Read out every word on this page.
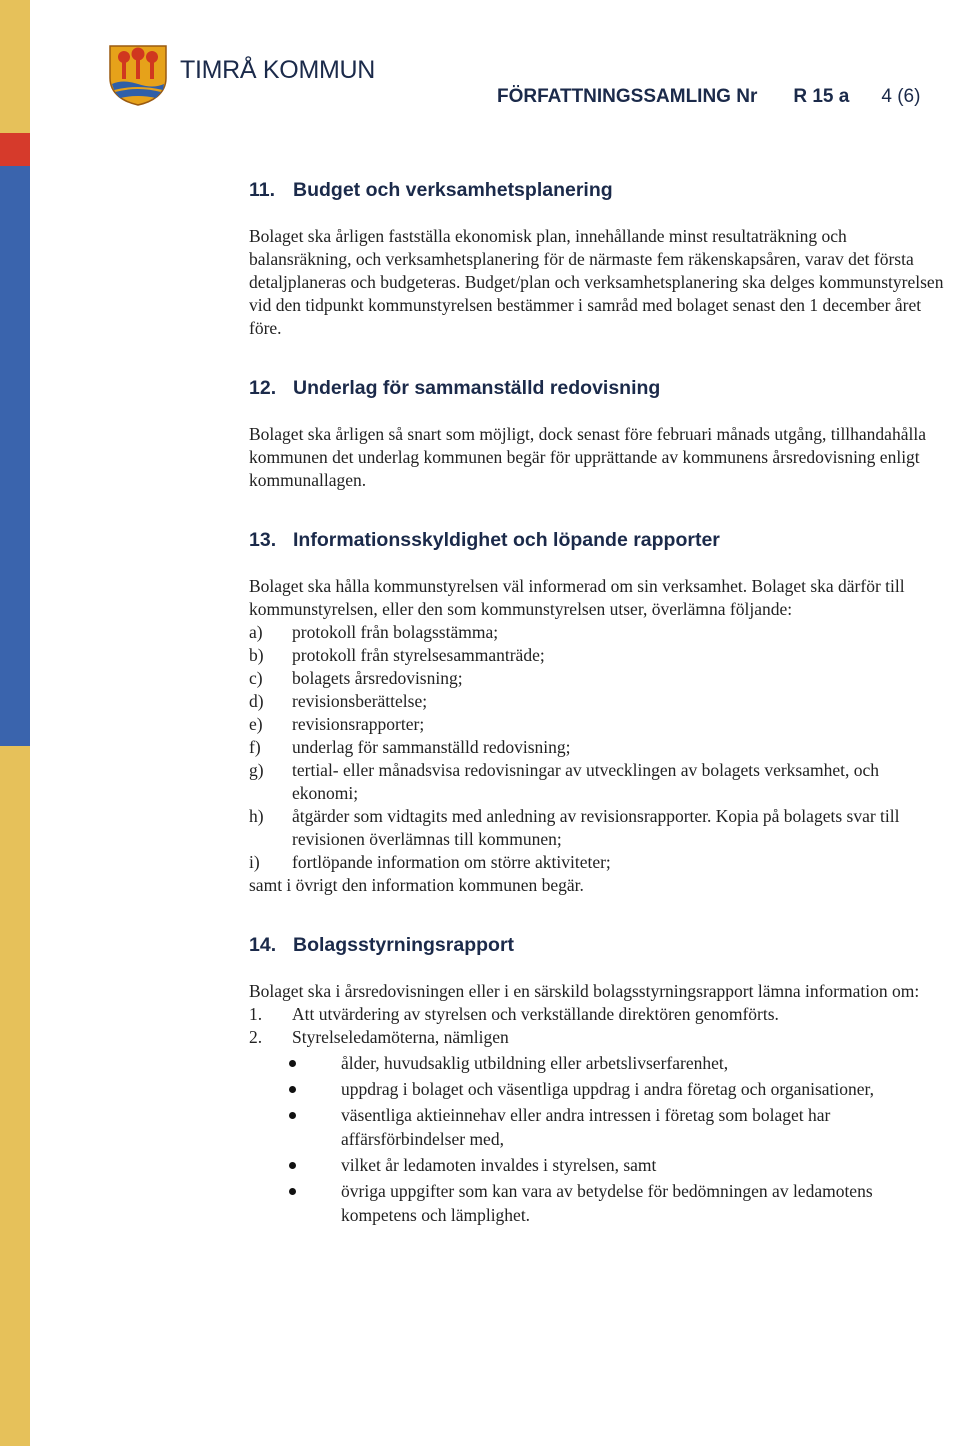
TIMRÅ KOMMUN
FÖRFATTNINGSSAMLING Nr R 15 a 4 (6)
11. Budget och verksamhetsplanering

Bolaget ska årligen fastställa ekonomisk plan, innehållande minst resultaträkning och balansräkning, och verksamhetsplanering för de närmaste fem räkenskapsåren, varav det första detaljplaneras och budgeteras. Budget/plan och verksamhetsplanering ska delges kommunstyrelsen vid den tidpunkt kommunstyrelsen bestämmer i samråd med bolaget senast den 1 december året före.

12. Underlag för sammanställd redovisning

Bolaget ska årligen så snart som möjligt, dock senast före februari månads utgång, tillhandahålla kommunen det underlag kommunen begär för upprättande av kommunens årsredovisning enligt kommunallagen.

13. Informationsskyldighet och löpande rapporter

Bolaget ska hålla kommunstyrelsen väl informerad om sin verksamhet. Bolaget ska därför till kommunstyrelsen, eller den som kommunstyrelsen utser, överlämna följande:

a) protokoll från bolagsstämma;
b) protokoll från styrelsesammanträde;
c) bolagets årsredovisning;
d) revisionsberättelse;
e) revisionsrapporter;
f) underlag för sammanställd redovisning;
g) tertial- eller månadsvisa redovisningar av utvecklingen av bolagets verksamhet, och ekonomi;
h) åtgärder som vidtagits med anledning av revisionsrapporter. Kopia på bolagets svar till revisionen överlämnas till kommunen;
i) fortlöpande information om större aktiviteter;

samt i övrigt den information kommunen begär.

14. Bolagsstyrningsrapport

Bolaget ska i årsredovisningen eller i en särskild bolagsstyrningsrapport lämna information om:

1. Att utvärdering av styrelsen och verkställande direktören genomförts.
2. Styrelseledamöterna, nämligen
ålder, huvudsaklig utbildning eller arbetslivserfarenhet,
uppdrag i bolaget och väsentliga uppdrag i andra företag och organisationer,
väsentliga aktieinnehav eller andra intressen i företag som bolaget har affärsförbindelser med,
vilket år ledamoten invaldes i styrelsen, samt
övriga uppgifter som kan vara av betydelse för bedömningen av ledamotens kompetens och lämplighet.
